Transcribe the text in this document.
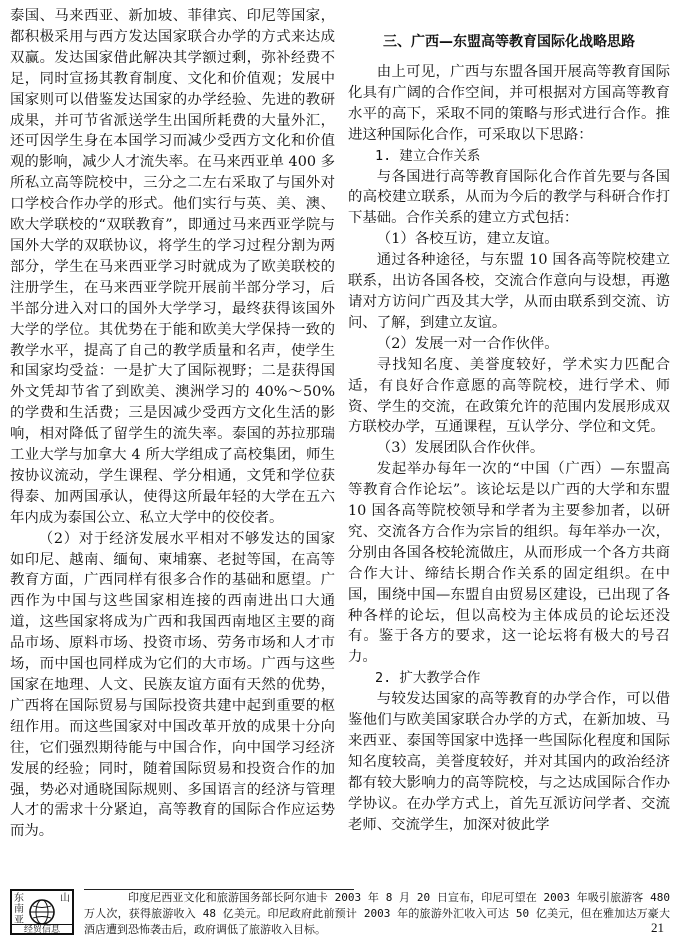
泰国、马来西亚、新加坡、菲律宾、印尼等国家，都积极采用与西方发达国家联合办学的方式来达成双赢。发达国家借此解决其学额过剩，弥补经费不足，同时宣扬其教育制度、文化和价值观；发展中国家则可以借鉴发达国家的办学经验、先进的教研成果，并可节省派送学生出国所耗费的大量外汇，还可因学生身在本国学习而减少受西方文化和价值观的影响，减少人才流失率。在马来西亚单 400 多所私立高等院校中，三分之二左右采取了与国外对口学校合作办学的形式。他们实行与英、美、澳、欧大学联校的“双联教育”，即通过马来西亚学院与国外大学的双联协议，将学生的学习过程分割为两部分，学生在马来西亚学习时就成为了欧美联校的注册学生，在马来西亚学院开展前半部分学习，后半部分进入对口的国外大学学习，最终获得该国外大学的学位。其优势在于能和欧美大学保持一致的教学水平，提高了自己的教学质量和名声，使学生和国家均受益：一是扩大了国际视野；二是获得国外文凭却节省了到欧美、澳洲学习的 40%～50% 的学费和生活费；三是因减少受西方文化生活的影响，相对降低了留学生的流失率。泰国的苏拉那瑞工业大学与加拿大 4 所大学组成了高校集团，师生按协议流动，学生课程、学分相通，文凭和学位获得泰、加两国承认，使得这所最年轻的大学在五六年内成为泰国公立、私立大学中的佼佼者。

（2）对于经济发展水平相对不够发达的国家如印尼、越南、缅甸、柬埔寨、老挝等国，在高等教育方面，广西同样有很多合作的基础和愿望。广西作为中国与这些国家相连接的西南进出口大通道，这些国家将成为广西和我国西南地区主要的商品市场、原料市场、投资市场、劳务市场和人才市场，而中国也同样成为它们的大市场。广西与这些国家在地理、人文、民族友谊方面有天然的优势，广西将在国际贸易与国际投资共建中起到重要的枢纽作用。而这些国家对中国改革开放的成果十分向往，它们强烈期待能与中国合作，向中国学习经济发展的经验；同时，随着国际贸易和投资合作的加强，势必对通晓国际规则、多国语言的经济与管理人才的需求十分紧迫，高等教育的国际合作应运势而为。

三、广西—东盟高等教育国际化战略思路

由上可见，广西与东盟各国开展高等教育国际化具有广阔的合作空间，并可根据对方国高等教育水平的高下，采取不同的策略与形式进行合作。推进这种国际化合作，可采取以下思路：

1. 建立合作关系

与各国进行高等教育国际化合作首先要与各国的高校建立联系，从而为今后的教学与科研合作打下基础。合作关系的建立方式包括：

（1）各校互访，建立友谊。

通过各种途径，与东盟 10 国各高等院校建立联系，出访各国各校，交流合作意向与设想，再邀请对方访问广西及其大学，从而由联系到交流、访问、了解，到建立友谊。

（2）发展一对一合作伙伴。

寻找知名度、美誉度较好，学术实力匹配合适，有良好合作意愿的高等院校，进行学术、师资、学生的交流，在政策允许的范围内发展形成双方联校办学，互通课程，互认学分、学位和文凭。

（3）发展团队合作伙伴。

发起举办每年一次的“中国（广西）—东盟高等教育合作论坛”。该论坛是以广西的大学和东盟 10 国各高等院校领导和学者为主要参加者，以研究、交流各方合作为宗旨的组织。每年举办一次，分别由各国各校轮流做庄，从而形成一个各方共商合作大计、缔结长期合作关系的固定组织。在中国，围绕中国—东盟自由贸易区建设，已出现了各种各样的论坛，但以高校为主体成员的论坛还没有。鉴于各方的要求，这一论坛将有极大的号召力。

2. 扩大教学合作

与较发达国家的高等教育的办学合作，可以借鉴他们与欧美国家联合办学的方式，在新加坡、马来西亚、泰国等国家中选择一些国际化程度和国际知名度较高，美誉度较好，并对其国内的政治经济都有较大影响力的高等院校，与之达成国际合作办学协议。在办学方式上，首先互派访问学者、交流老师、交流学生，加深对彼此学

东南亚
山
经贸信息

印度尼西亚文化和旅游国务部长阿尔迪卡 2003 年 8 月 20 日宣布，印尼可望在 2003 年吸引旅游客 480 万人次，获得旅游收入 48 亿美元。印尼政府此前预计 2003 年的旅游外汇收入可达 50 亿美元，但在雅加达万豪大酒店遭到恐怖袭击后，政府调低了旅游收入目标。	21
